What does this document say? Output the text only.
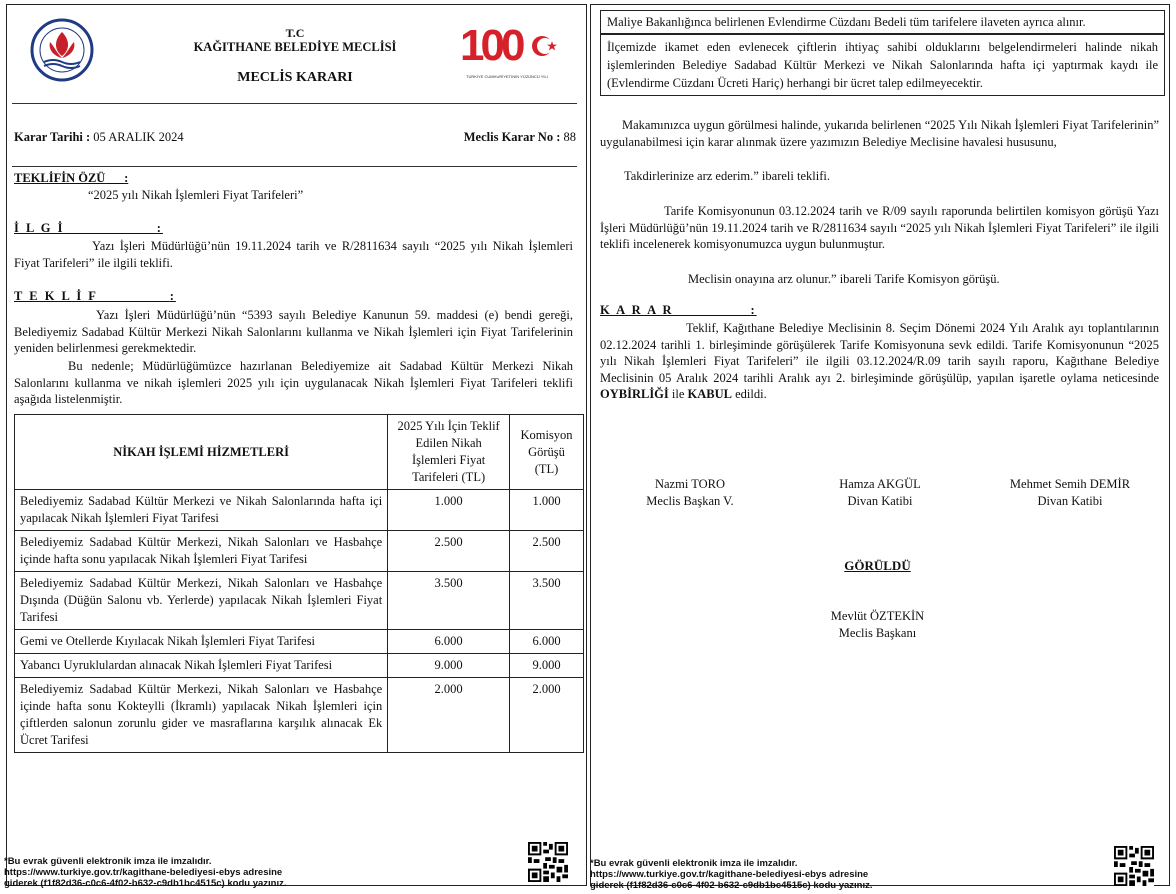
T.C
KAĞITHANE BELEDİYE MECLİSİ
MECLİS KARARI
100
TÜRKİYE CUMHURİYETİNİN YÜZÜNCÜ YILI
Karar Tarihi : 05 ARALIK 2024	Meclis Karar No : 88
TEKLİFİN ÖZÜ :

“2025 yılı Nikah İşlemleri Fiyat Tarifeleri”

İ L G İ	:

Yazı İşleri Müdürlüğü’nün 19.11.2024 tarih ve R/2811634 sayılı “2025 yılı Nikah İşlemleri Fiyat Tarifeleri” ile ilgili teklifi.

T E K L İ F	:

Yazı İşleri Müdürlüğü’nün “5393 sayılı Belediye Kanunun 59. maddesi (e) bendi gereği, Belediyemiz Sadabad Kültür Merkezi Nikah Salonlarını kullanma ve Nikah İşlemleri için Fiyat Tarifelerinin yeniden belirlenmesi gerekmektedir.

Bu nedenle; Müdürlüğümüzce hazırlanan Belediyemize ait Sadabad Kültür Merkezi Nikah Salonlarını kullanma ve nikah işlemleri 2025 yılı için uygulanacak Nikah İşlemleri Fiyat Tarifeleri teklifi aşağıda listelenmiştir.

NİKAH İŞLEMİ HİZMETLERİ	2025 Yılı İçin Teklif Edilen Nikah İşlemleri Fiyat Tarifeleri (TL)	Komisyon Görüşü (TL)
Belediyemiz Sadabad Kültür Merkezi ve Nikah Salonlarında hafta içi yapılacak Nikah İşlemleri Fiyat Tarifesi	1.000	1.000
Belediyemiz Sadabad Kültür Merkezi, Nikah Salonları ve Hasbahçe içinde hafta sonu yapılacak Nikah İşlemleri Fiyat Tarifesi	2.500	2.500
Belediyemiz Sadabad Kültür Merkezi, Nikah Salonları ve Hasbahçe Dışında (Düğün Salonu vb. Yerlerde) yapılacak Nikah İşlemleri Fiyat Tarifesi	3.500	3.500
Gemi ve Otellerde Kıyılacak Nikah İşlemleri Fiyat Tarifesi	6.000	6.000
Yabancı Uyruklulardan alınacak Nikah İşlemleri Fiyat Tarifesi	9.000	9.000
Belediyemiz Sadabad Kültür Merkezi, Nikah Salonları ve Hasbahçe içinde hafta sonu Kokteylli (İkramlı) yapılacak Nikah İşlemleri için çiftlerden salonun zorunlu gider ve masraflarına karşılık alınacak Ek Ücret Tarifesi	2.000	2.000
*Bu evrak güvenli elektronik imza ile imzalıdır.
https://www.turkiye.gov.tr/kagithane-belediyesi-ebys adresine
giderek (f1f82d36-c0c6-4f02-b632-c9db1bc4515c) kodu yazınız.
Maliye Bakanlığınca belirlenen Evlendirme Cüzdanı Bedeli tüm tarifelere ilaveten ayrıca alınır.
İlçemizde ikamet eden evlenecek çiftlerin ihtiyaç sahibi olduklarını belgelendirmeleri halinde nikah işlemlerinden Belediye Sadabad Kültür Merkezi ve Nikah Salonlarında hafta içi yaptırmak kaydı ile (Evlendirme Cüzdanı Ücreti Hariç) herhangi bir ücret talep edilmeyecektir.

Makamınızca uygun görülmesi halinde, yukarıda belirlenen “2025 Yılı Nikah İşlemleri Fiyat Tarifelerinin” uygulanabilmesi için karar alınmak üzere yazımızın Belediye Meclisine havalesi hususunu,

Takdirlerinize arz ederim.” ibareli teklifi.

Tarife Komisyonunun 03.12.2024 tarih ve R/09 sayılı raporunda belirtilen komisyon görüşü Yazı İşleri Müdürlüğü’nün 19.11.2024 tarih ve R/2811634 sayılı “2025 yılı Nikah İşlemleri Fiyat Tarifeleri” ile ilgili teklifi incelenerek komisyonumuzca uygun bulunmuştur.

Meclisin onayına arz olunur.” ibareli Tarife Komisyon görüşü.

K A R A R	:

Teklif, Kağıthane Belediye Meclisinin 8. Seçim Dönemi 2024 Yılı Aralık ayı toplantılarının 02.12.2024 tarihli 1. birleşiminde görüşülerek Tarife Komisyonuna sevk edildi. Tarife Komisyonunun “2025 yılı Nikah İşlemleri Fiyat Tarifeleri” ile ilgili 03.12.2024/R.09 tarih sayılı raporu, Kağıthane Belediye Meclisinin 05 Aralık 2024 tarihli Aralık ayı 2. birleşiminde görüşülüp, yapılan işaretle oylama neticesinde OYBİRLİĞİ ile KABUL edildi.

Nazmi TORO
Meclis Başkan V.
Hamza AKGÜL
Divan Katibi
Mehmet Semih DEMİR
Divan Katibi
GÖRÜLDÜ
Mevlüt ÖZTEKİN
Meclis Başkanı
*Bu evrak güvenli elektronik imza ile imzalıdır.
https://www.turkiye.gov.tr/kagithane-belediyesi-ebys adresine
giderek (f1f82d36-c0c6-4f02-b632-c9db1bc4515c) kodu yazınız.
